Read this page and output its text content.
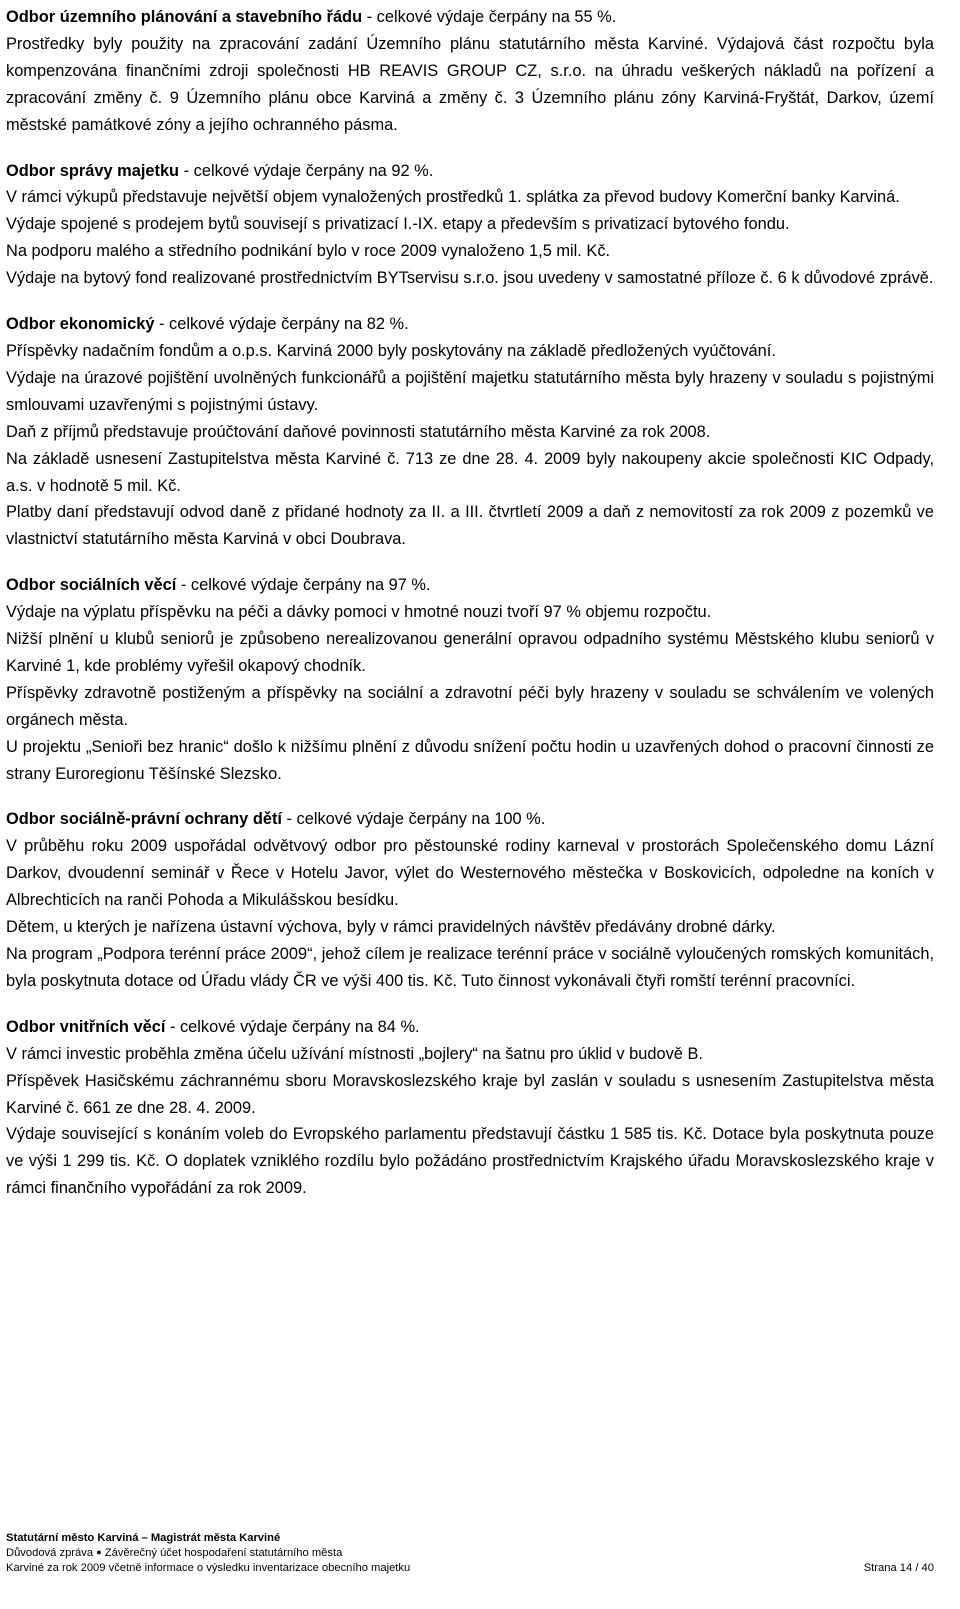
Odbor územního plánování a stavebního řádu - celkové výdaje čerpány na 55 %.

Prostředky byly použity na zpracování zadání Územního plánu statutárního města Karviné. Výdajová část rozpočtu byla kompenzována finančními zdroji společnosti HB REAVIS GROUP CZ, s.r.o. na úhradu veškerých nákladů na pořízení a zpracování změny č. 9 Územního plánu obce Karviná a změny č. 3 Územního plánu zóny Karviná-Fryštát, Darkov, území městské památkové zóny a jejího ochranného pásma.

Odbor správy majetku - celkové výdaje čerpány na 92 %.

V rámci výkupů představuje největší objem vynaložených prostředků 1. splátka za převod budovy Komerční banky Karviná.

Výdaje spojené s prodejem bytů souvisejí s privatizací I.-IX. etapy a především s privatizací bytového fondu.

Na podporu malého a středního podnikání bylo v roce 2009 vynaloženo 1,5 mil. Kč.

Výdaje na bytový fond realizované prostřednictvím BYTservisu s.r.o. jsou uvedeny v samostatné příloze č. 6 k důvodové zprávě.

Odbor ekonomický - celkové výdaje čerpány na 82 %.

Příspěvky nadačním fondům a o.p.s. Karviná 2000 byly poskytovány na základě předložených vyúčtování.

Výdaje na úrazové pojištění uvolněných funkcionářů a pojištění majetku statutárního města byly hrazeny v souladu s pojistnými smlouvami uzavřenými s pojistnými ústavy.

Daň z příjmů představuje proúčtování daňové povinnosti statutárního města Karviné za rok 2008.

Na základě usnesení Zastupitelstva města Karviné č. 713 ze dne 28. 4. 2009 byly nakoupeny akcie společnosti KIC Odpady, a.s. v hodnotě 5 mil. Kč.

Platby daní představují odvod daně z přidané hodnoty za II. a III. čtvrtletí 2009 a daň z nemovitostí za rok 2009 z pozemků ve vlastnictví statutárního města Karviná v obci Doubrava.

Odbor sociálních věcí - celkové výdaje čerpány na 97 %.

Výdaje na výplatu příspěvku na péči a dávky pomoci v hmotné nouzi tvoří 97 % objemu rozpočtu.

Nižší plnění u klubů seniorů je způsobeno nerealizovanou generální opravou odpadního systému Městského klubu seniorů v Karviné 1, kde problémy vyřešil okapový chodník.

Příspěvky zdravotně postiženým a příspěvky na sociální a zdravotní péči byly hrazeny v souladu se schválením ve volených orgánech města.

U projektu „Senioři bez hranic“ došlo k nižšímu plnění z důvodu snížení počtu hodin u uzavřených dohod o pracovní činnosti ze strany Euroregionu Těšínské Slezsko.

Odbor sociálně-právní ochrany dětí - celkové výdaje čerpány na 100 %.

V průběhu roku 2009 uspořádal odvětvový odbor pro pěstounské rodiny karneval v prostorách Společenského domu Lázní Darkov, dvoudenní seminář v Řece v Hotelu Javor, výlet do Westernového městečka v Boskovicích, odpoledne na koních v Albrechticích na ranči Pohoda a Mikulášskou besídku.

Dětem, u kterých je nařízena ústavní výchova, byly v rámci pravidelných návštěv předávány drobné dárky.

Na program „Podpora terénní práce 2009“, jehož cílem je realizace terénní práce v sociálně vyloučených romských komunitách, byla poskytnuta dotace od Úřadu vlády ČR ve výši 400 tis. Kč. Tuto činnost vykonávali čtyři romští terénní pracovníci.

Odbor vnitřních věcí - celkové výdaje čerpány na 84 %.

V rámci investic proběhla změna účelu užívání místnosti „bojlery“ na šatnu pro úklid v budově B.

Příspěvek Hasičskému záchrannému sboru Moravskoslezského kraje byl zaslán v souladu s usnesením Zastupitelstva města Karviné č. 661 ze dne 28. 4. 2009.

Výdaje související s konáním voleb do Evropského parlamentu představují částku 1 585 tis. Kč. Dotace byla poskytnuta pouze ve výši 1 299 tis. Kč. O doplatek vzniklého rozdílu bylo požádáno prostřednictvím Krajského úřadu Moravskoslezského kraje v rámci finančního vypořádání za rok 2009.

Statutární město Karviná – Magistrát města Karviné
Důvodová zpráva ● Závěrečný účet hospodaření statutárního města
Karviné za rok 2009 včetně informace o výsledku inventarizace obecního majetku	Strana 14 / 40
